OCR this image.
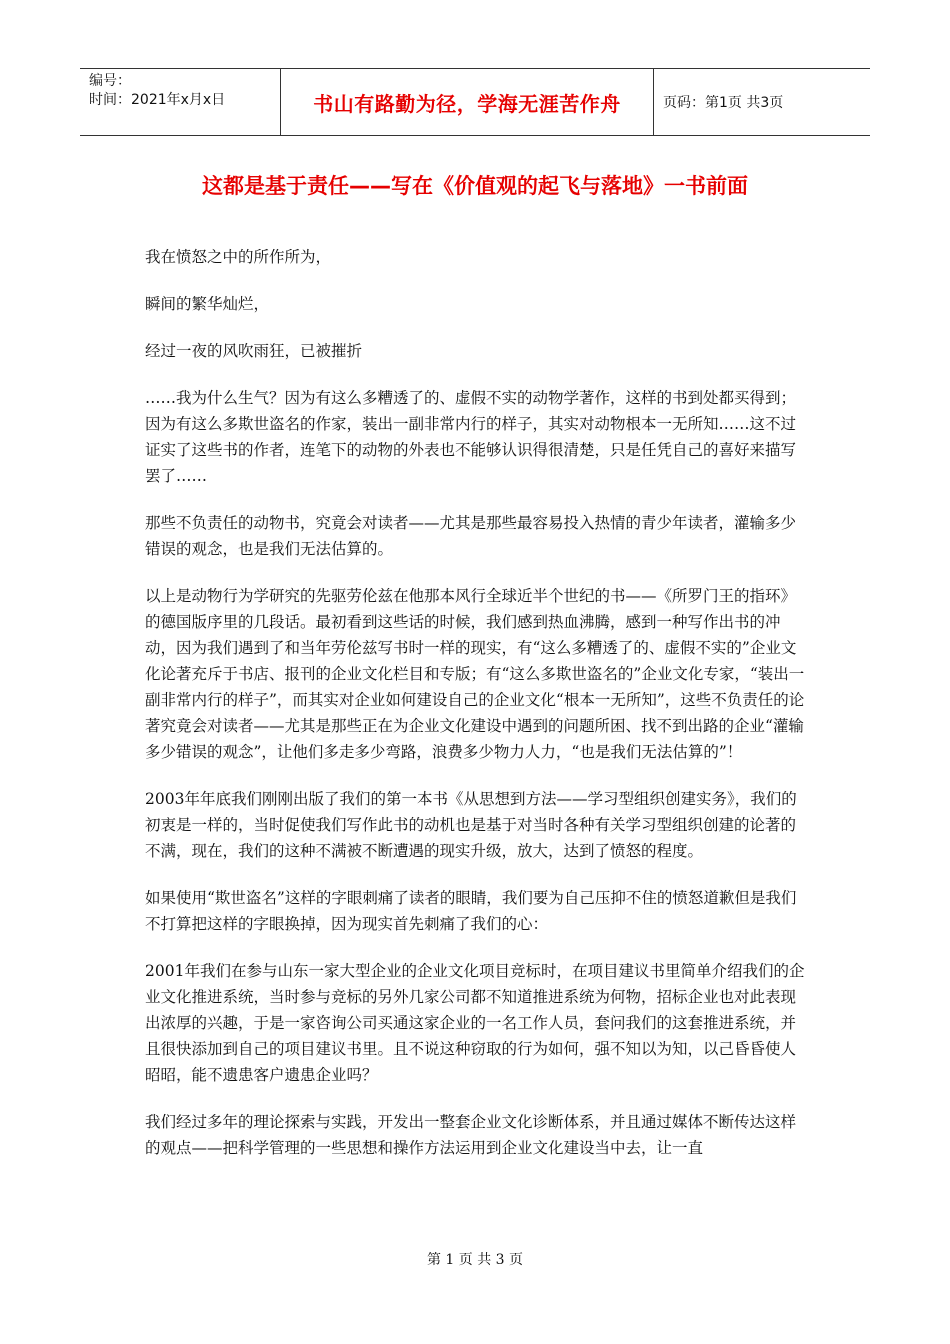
编号：
时间：2021年x月x日	书山有路勤为径，学海无涯苦作舟	页码：第1页 共3页
这都是基于责任——写在《价值观的起飞与落地》一书前面

我在愤怒之中的所作所为，

瞬间的繁华灿烂，

经过一夜的风吹雨狂，已被摧折

……我为什么生气？因为有这么多糟透了的、虚假不实的动物学著作，这样的书到处都买得到；因为有这么多欺世盗名的作家，装出一副非常内行的样子，其实对动物根本一无所知……这不过证实了这些书的作者，连笔下的动物的外表也不能够认识得很清楚，只是任凭自己的喜好来描写罢了……

那些不负责任的动物书，究竟会对读者——尤其是那些最容易投入热情的青少年读者，灌输多少错误的观念，也是我们无法估算的。

以上是动物行为学研究的先驱劳伦兹在他那本风行全球近半个世纪的书——《所罗门王的指环》的德国版序里的几段话。最初看到这些话的时候，我们感到热血沸腾，感到一种写作出书的冲动，因为我们遇到了和当年劳伦兹写书时一样的现实，有“这么多糟透了的、虚假不实的”企业文化论著充斥于书店、报刊的企业文化栏目和专版；有“这么多欺世盗名的”企业文化专家，“装出一副非常内行的样子”，而其实对企业如何建设自己的企业文化“根本一无所知”，这些不负责任的论著究竟会对读者——尤其是那些正在为企业文化建设中遇到的问题所困、找不到出路的企业“灌输多少错误的观念”，让他们多走多少弯路，浪费多少物力人力，“也是我们无法估算的”！

2003年年底我们刚刚出版了我们的第一本书《从思想到方法——学习型组织创建实务》，我们的初衷是一样的，当时促使我们写作此书的动机也是基于对当时各种有关学习型组织创建的论著的不满，现在，我们的这种不满被不断遭遇的现实升级，放大，达到了愤怒的程度。

如果使用“欺世盗名”这样的字眼刺痛了读者的眼睛，我们要为自己压抑不住的愤怒道歉但是我们不打算把这样的字眼换掉，因为现实首先刺痛了我们的心：

2001年我们在参与山东一家大型企业的企业文化项目竞标时，在项目建议书里简单介绍我们的企业文化推进系统，当时参与竞标的另外几家公司都不知道推进系统为何物，招标企业也对此表现出浓厚的兴趣，于是一家咨询公司买通这家企业的一名工作人员，套问我们的这套推进系统，并且很快添加到自己的项目建议书里。且不说这种窃取的行为如何，强不知以为知，以己昏昏使人昭昭，能不遗患客户遗患企业吗？

我们经过多年的理论探索与实践，开发出一整套企业文化诊断体系，并且通过媒体不断传达这样的观点——把科学管理的一些思想和操作方法运用到企业文化建设当中去，让一直

第 1 页 共 3 页
